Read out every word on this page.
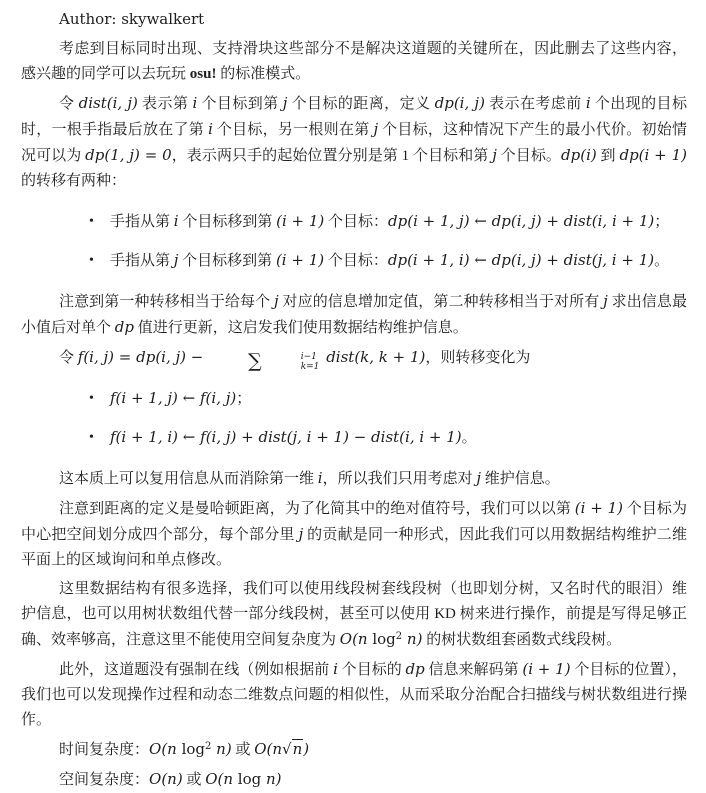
Author: skywalkert
考虑到目标同时出现、支持滑块这些部分不是解决这道题的关键所在，因此删去了这些内容，感兴趣的同学可以去玩玩 osu! 的标准模式。
令 dist(i, j) 表示第 i 个目标到第 j 个目标的距离，定义 dp(i, j) 表示在考虑前 i 个出现的目标时，一根手指最后放在了第 i 个目标，另一根则在第 j 个目标，这种情况下产生的最小代价。初始情况可以为 dp(1, j) = 0，表示两只手的起始位置分别是第 1 个目标和第 j 个目标。dp(i) 到 dp(i + 1) 的转移有两种：
• 手指从第 i 个目标移到第 (i + 1) 个目标：dp(i + 1, j) ← dp(i, j) + dist(i, i + 1)；
• 手指从第 j 个目标移到第 (i + 1) 个目标：dp(i + 1, i) ← dp(i, j) + dist(j, i + 1)。
注意到第一种转移相当于给每个 j 对应的信息增加定值，第二种转移相当于对所有 j 求出信息最小值后对单个 dp 值进行更新，这启发我们使用数据结构维护信息。
令 f(i, j) = dp(i, j) −	∑	i−1
k=1
dist(k, k + 1)，则转移变化为
• f(i + 1, j) ← f(i, j)；
• f(i + 1, i) ← f(i, j) + dist(j, i + 1) − dist(i, i + 1)。
这本质上可以复用信息从而消除第一维 i，所以我们只用考虑对 j 维护信息。
注意到距离的定义是曼哈顿距离，为了化简其中的绝对值符号，我们可以以第 (i + 1) 个目标为中心把空间划分成四个部分，每个部分里 j 的贡献是同一种形式，因此我们可以用数据结构维护二维平面上的区域询问和单点修改。
这里数据结构有很多选择，我们可以使用线段树套线段树（也即划分树，又名时代的眼泪）维护信息，也可以用树状数组代替一部分线段树，甚至可以使用 KD 树来进行操作，前提是写得足够正确、效率够高，注意这里不能使用空间复杂度为 O(n $\log^2 n$) 的树状数组套函数式线段树。
此外，这道题没有强制在线（例如根据前 i 个目标的 dp 信息来解码第 (i + 1) 个目标的位置），我们也可以发现操作过程和动态二维数点问题的相似性，从而采取分治配合扫描线与树状数组进行操作。
时间复杂度：O(n $\log^2 n$) 或 O(n√n)
空间复杂度：O(n) 或 O(n log n)
